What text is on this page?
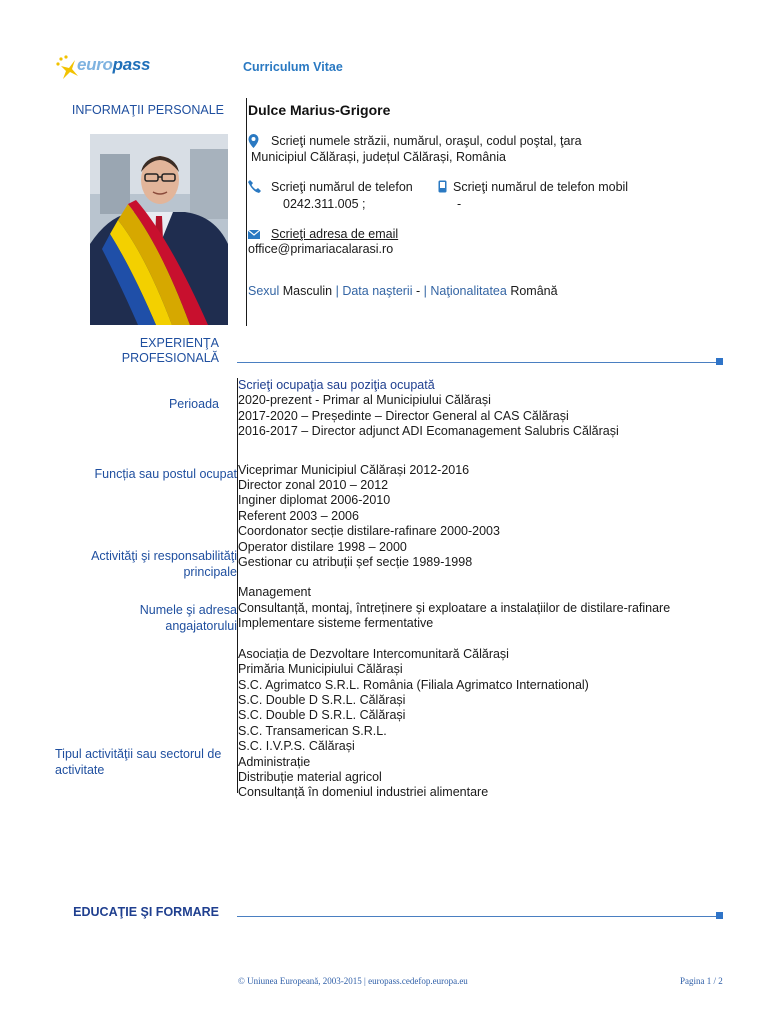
europass	Curriculum Vitae
INFORMAŢII PERSONALE Dulce Marius-Grigore
Scrieţi numele străzii, numărul, oraşul, codul poştal, ţara
Municipiul Călărași, județul Călărași, România
Scrieţi numărul de telefon
0242.311.005 ;
Scrieţi numărul de telefon mobil
-
Scrieţi adresa de email
office@primariacalarasi.ro
Sexul Masculin | Data naşterii - | Naţionalitatea Română
EXPERIENŢA
PROFESIONALĂ
Perioada
Funcția sau postul ocupat
Activităţi şi responsabilităţi
principale
Numele şi adresa
angajatorului
Tipul activităţii sau sectorul de
activitate
Scrieţi ocupaţia sau poziţia ocupată
2020-prezent - Primar al Municipiului Călărași
2017-2020 – Președinte – Director General al CAS Călărași
2016-2017 – Director adjunct ADI Ecomanagement Salubris Călărași
Viceprimar Municipiul Călărași 2012-2016
Director zonal 2010 – 2012
Inginer diplomat 2006-2010
Referent 2003 – 2006
Coordonator secție distilare-rafinare 2000-2003
Operator distilare 1998 – 2000
Gestionar cu atribuții șef secție 1989-1998
Management
Consultanță, montaj, întreținere și exploatare a instalațiilor de distilare-rafinare
Implementare sisteme fermentative
Asociația de Dezvoltare Intercomunitară Călărași
Primăria Municipiului Călărași
S.C. Agrimatco S.R.L. România (Filiala Agrimatco International)
S.C. Double D S.R.L. Călărași
S.C. Double D S.R.L. Călărași
S.C. Transamerican S.R.L.
S.C. I.V.P.S. Călărași
Administrație
Distribuție material agricol
Consultanță în domeniul industriei alimentare
EDUCAŢIE ŞI FORMARE
© Uniunea Europeană, 2003-2015 | europass.cedefop.europa.eu	Pagina 1 / 2
